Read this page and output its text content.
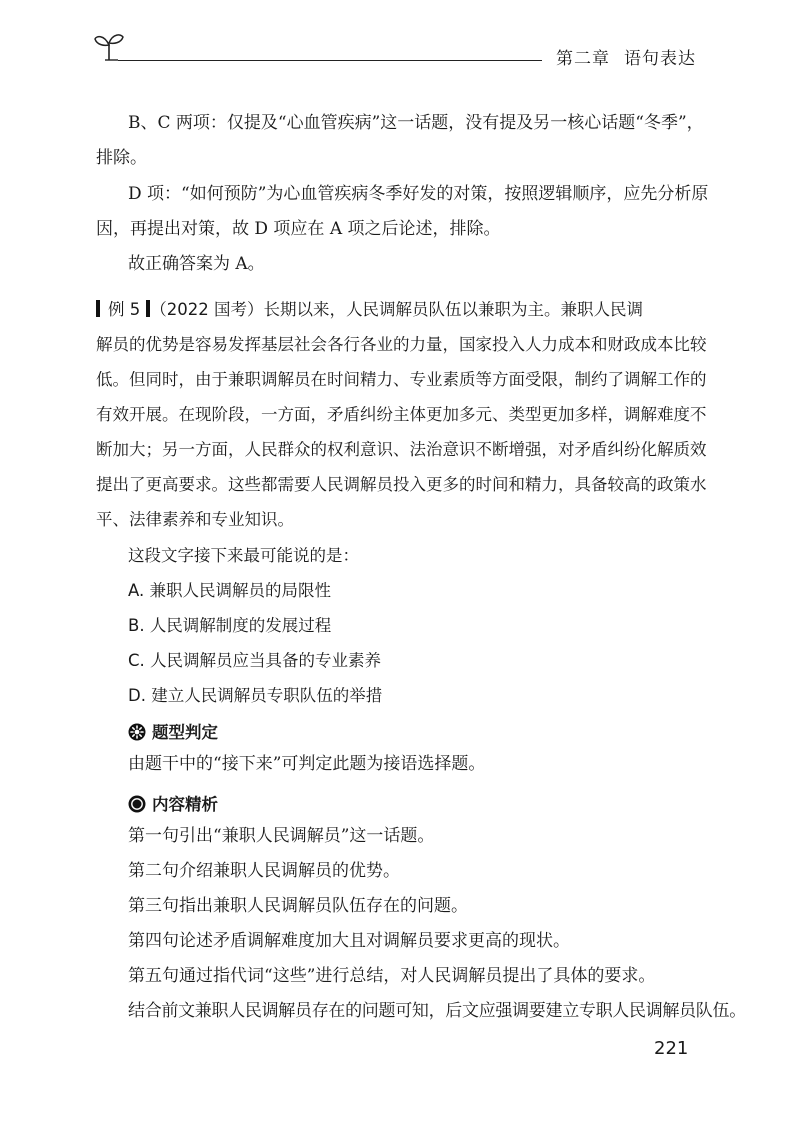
第二章 语句表达
B、C 两项：仅提及“心血管疾病”这一话题，没有提及另一核心话题“冬季”，
排除。
D 项：“如何预防”为心血管疾病冬季好发的对策，按照逻辑顺序，应先分析原
因，再提出对策，故 D 项应在 A 项之后论述，排除。
故正确答案为 A。
例 5 （2022 国考）长期以来，人民调解员队伍以兼职为主。兼职人民调
解员的优势是容易发挥基层社会各行各业的力量，国家投入人力成本和财政成本比较
低。但同时，由于兼职调解员在时间精力、专业素质等方面受限，制约了调解工作的
有效开展。在现阶段，一方面，矛盾纠纷主体更加多元、类型更加多样，调解难度不
断加大；另一方面，人民群众的权利意识、法治意识不断增强，对矛盾纠纷化解质效
提出了更高要求。这些都需要人民调解员投入更多的时间和精力，具备较高的政策水
平、法律素养和专业知识。
这段文字接下来最可能说的是：
A. 兼职人民调解员的局限性
B. 人民调解制度的发展过程
C. 人民调解员应当具备的专业素养
D. 建立人民调解员专职队伍的举措
题型判定
由题干中的“接下来”可判定此题为接语选择题。
内容精析
第一句引出“兼职人民调解员”这一话题。
第二句介绍兼职人民调解员的优势。
第三句指出兼职人民调解员队伍存在的问题。
第四句论述矛盾调解难度加大且对调解员要求更高的现状。
第五句通过指代词“这些”进行总结，对人民调解员提出了具体的要求。
结合前文兼职人民调解员存在的问题可知，后文应强调要建立专职人民调解员队伍。
221
